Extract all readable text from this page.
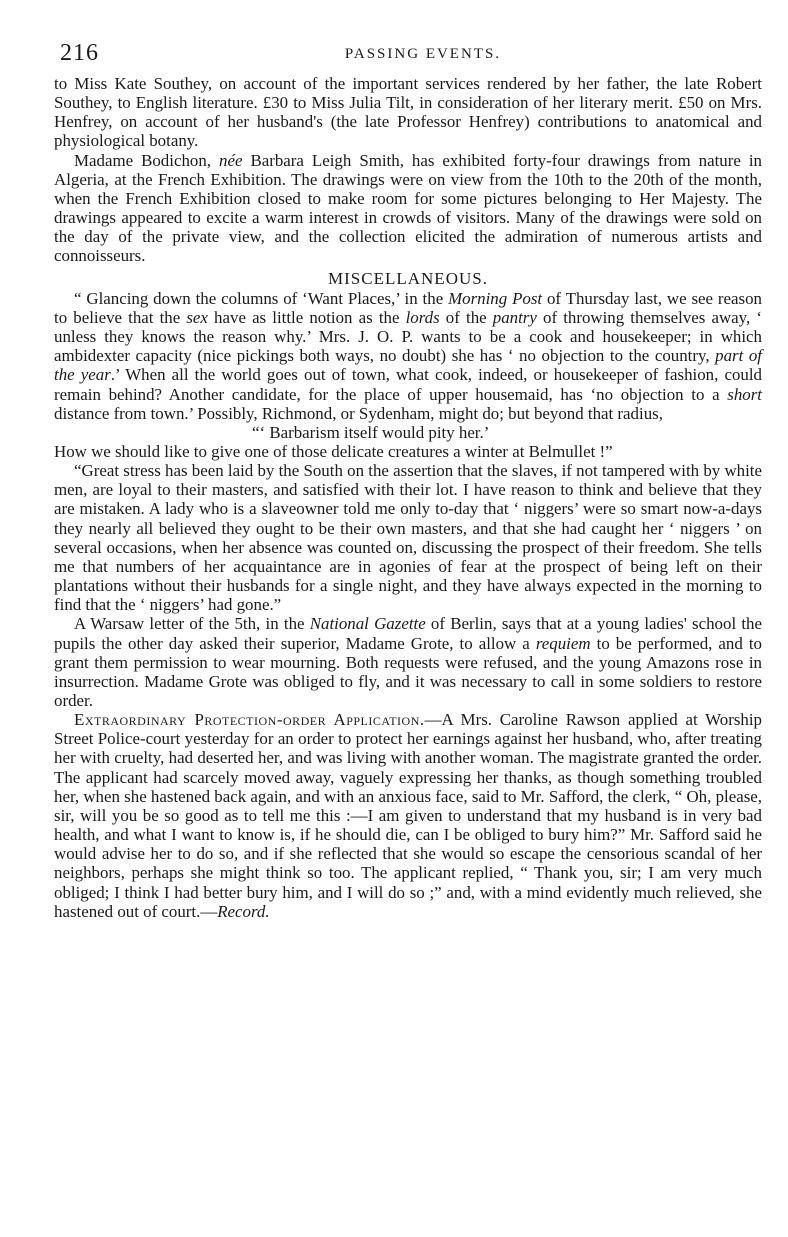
216	PASSING EVENTS.

to Miss Kate Southey, on account of the important services rendered by her father, the late Robert Southey, to English literature. £30 to Miss Julia Tilt, in consideration of her literary merit. £50 on Mrs. Henfrey, on account of her husband's (the late Professor Henfrey) contributions to anatomical and physiological botany.

Madame Bodichon, née Barbara Leigh Smith, has exhibited forty-four drawings from nature in Algeria, at the French Exhibition. The drawings were on view from the 10th to the 20th of the month, when the French Exhibition closed to make room for some pictures belonging to Her Majesty. The drawings appeared to excite a warm interest in crowds of visitors. Many of the drawings were sold on the day of the private view, and the collection elicited the admiration of numerous artists and connoisseurs.

MISCELLANEOUS.

“ Glancing down the columns of ‘Want Places,’ in the Morning Post of Thursday last, we see reason to believe that the sex have as little notion as the lords of the pantry of throwing themselves away, ‘ unless they knows the reason why.’ Mrs. J. O. P. wants to be a cook and housekeeper; in which ambidexter capacity (nice pickings both ways, no doubt) she has ‘ no objection to the country, part of the year.’ When all the world goes out of town, what cook, indeed, or housekeeper of fashion, could remain behind? Another candidate, for the place of upper housemaid, has ‘no objection to a short distance from town.’ Possibly, Richmond, or Sydenham, might do; but beyond that radius,

“‘ Barbarism itself would pity her.’

How we should like to give one of those delicate creatures a winter at Belmullet !”

“Great stress has been laid by the South on the assertion that the slaves, if not tampered with by white men, are loyal to their masters, and satisfied with their lot. I have reason to think and believe that they are mistaken. A lady who is a slaveowner told me only to-day that ‘ niggers’ were so smart now-a-days they nearly all believed they ought to be their own masters, and that she had caught her ‘ niggers ’ on several occasions, when her absence was counted on, discussing the prospect of their freedom. She tells me that numbers of her acquaintance are in agonies of fear at the prospect of being left on their plantations without their husbands for a single night, and they have always expected in the morning to find that the ‘ niggers’ had gone.”

A Warsaw letter of the 5th, in the National Gazette of Berlin, says that at a young ladies' school the pupils the other day asked their superior, Madame Grote, to allow a requiem to be performed, and to grant them permission to wear mourning. Both requests were refused, and the young Amazons rose in insurrection. Madame Grote was obliged to fly, and it was necessary to call in some soldiers to restore order.

Extraordinary Protection-order Application.—A Mrs. Caroline Rawson applied at Worship Street Police-court yesterday for an order to protect her earnings against her husband, who, after treating her with cruelty, had deserted her, and was living with another woman. The magistrate granted the order. The applicant had scarcely moved away, vaguely expressing her thanks, as though something troubled her, when she hastened back again, and with an anxious face, said to Mr. Safford, the clerk, “ Oh, please, sir, will you be so good as to tell me this :—I am given to understand that my husband is in very bad health, and what I want to know is, if he should die, can I be obliged to bury him?” Mr. Safford said he would advise her to do so, and if she reflected that she would so escape the censorious scandal of her neighbors, perhaps she might think so too. The applicant replied, “ Thank you, sir; I am very much obliged; I think I had better bury him, and I will do so ;” and, with a mind evidently much relieved, she hastened out of court.—Record.
